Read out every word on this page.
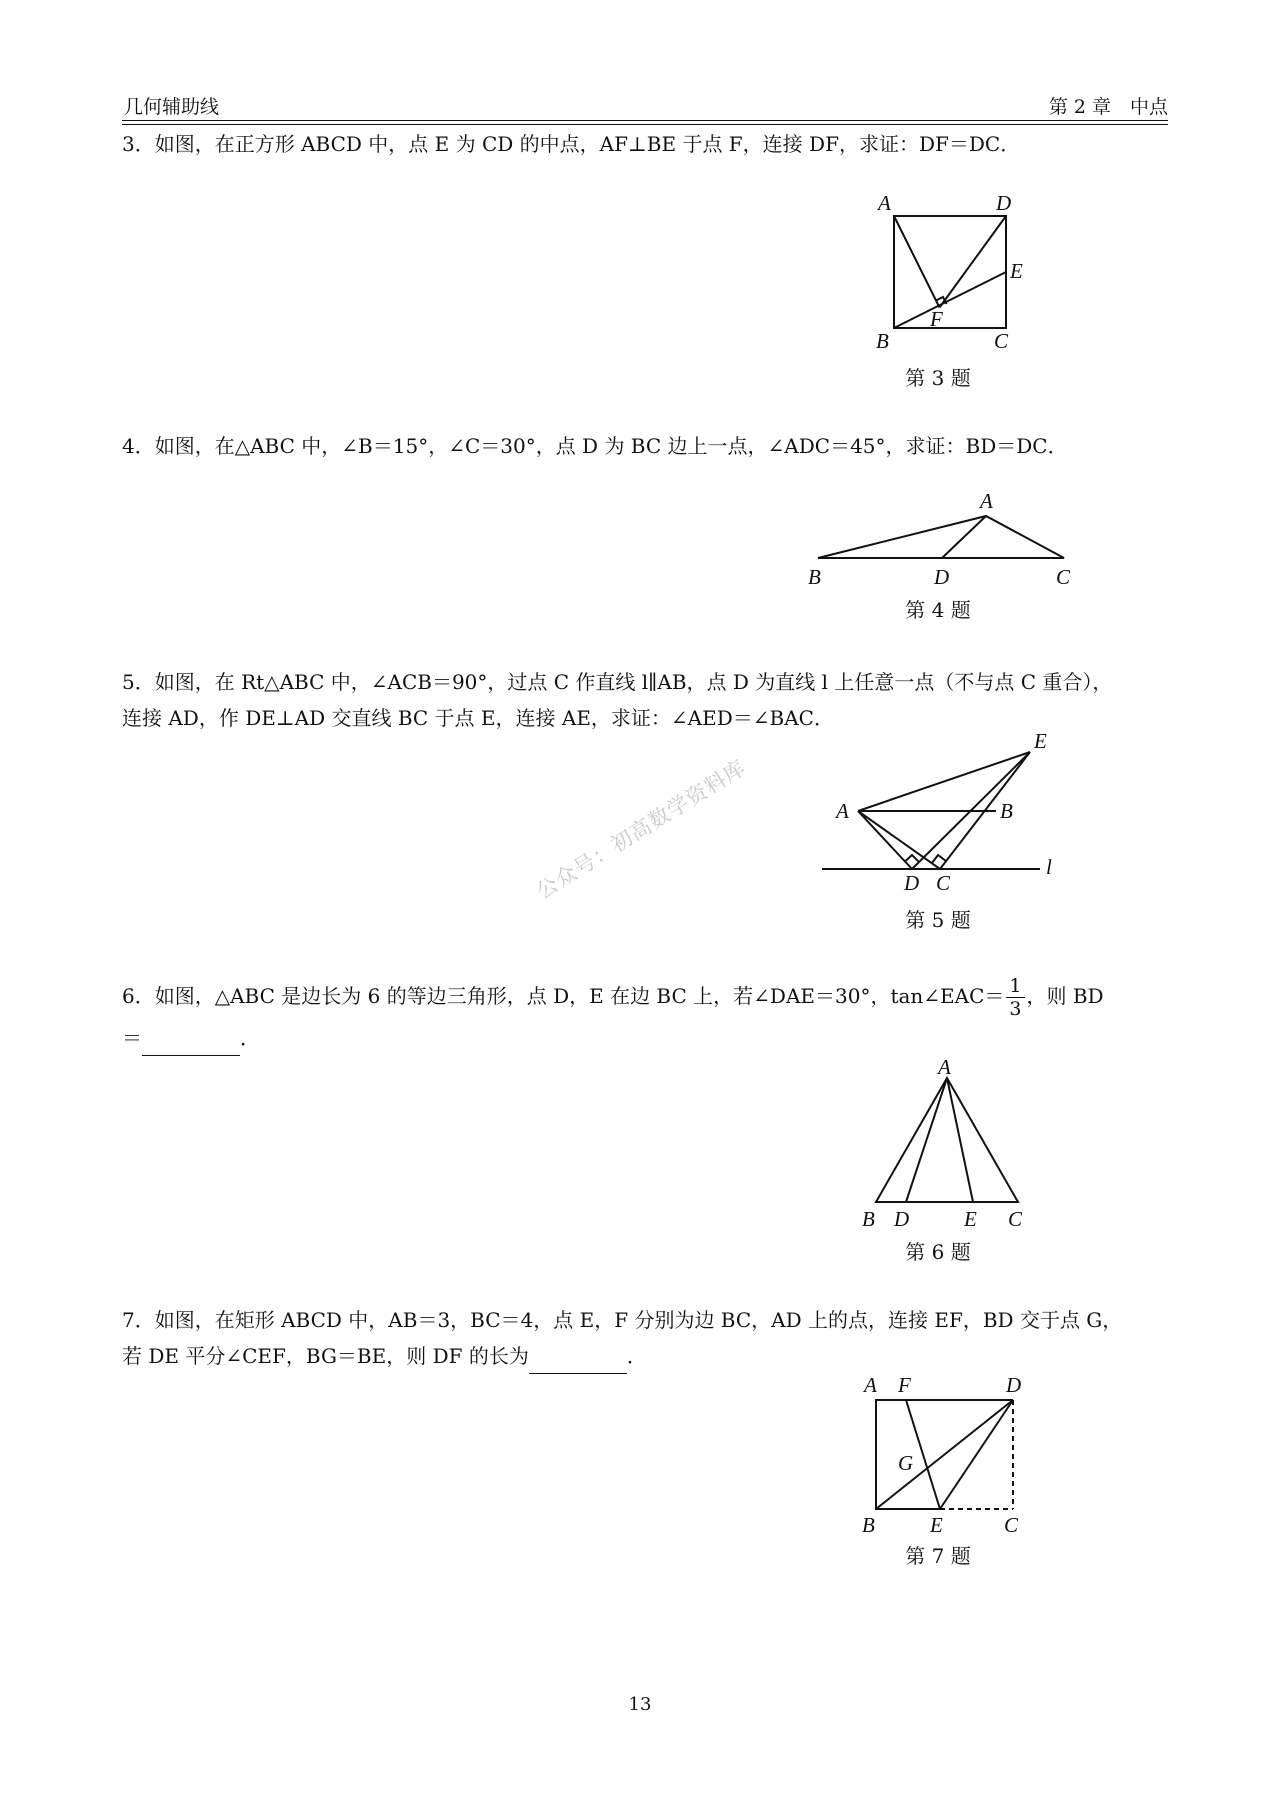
几何辅助线	第 2 章　中点

3．如图，在正方形 ABCD 中，点 E 为 CD 的中点，AF⊥BE 于点 F，连接 DF，求证：DF＝DC．

A	D
E
F
B	C
第 3 题

4．如图，在△ABC 中，∠B＝15°，∠C＝30°，点 D 为 BC 边上一点，∠ADC＝45°，求证：BD＝DC．

A
B	D	C
第 4 题

5．如图，在 Rt△ABC 中，∠ACB＝90°，过点 C 作直线 l∥AB，点 D 为直线 l 上任意一点（不与点 C 重合），

连接 AD，作 DE⊥AD 交直线 BC 于点 E，连接 AE，求证：∠AED＝∠BAC．

E
A	B
l
D C
第 5 题
公众号：初高数学资料库

6．如图，△ABC 是边长为 6 的等边三角形，点 D，E 在边 BC 上，若∠DAE＝30°，tan∠EAC＝ $\frac{1}{3}$ ，则 BD

＝	．

A
B D	E C
第 6 题

7．如图，在矩形 ABCD 中，AB＝3，BC＝4，点 E，F 分别为边 BC，AD 上的点，连接 EF，BD 交于点 G，

若 DE 平分∠CEF，BG＝BE，则 DF 的长为	．

A F	D
G
B	E	C
第 7 题
13
